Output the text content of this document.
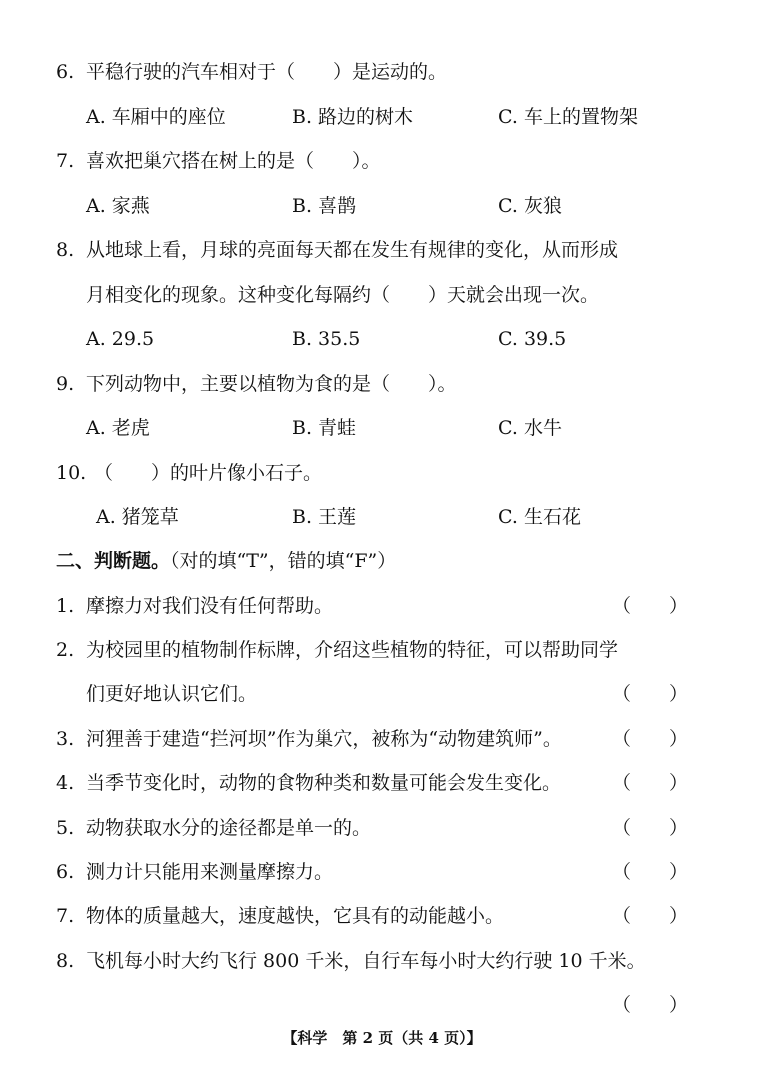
6. 平稳行驶的汽车相对于（　　）是运动的。
A. 车厢中的座位	B. 路边的树木	C. 车上的置物架
7. 喜欢把巢穴搭在树上的是（　　）。
A. 家燕	B. 喜鹊	C. 灰狼
8. 从地球上看，月球的亮面每天都在发生有规律的变化，从而形成
月相变化的现象。这种变化每隔约（　　）天就会出现一次。
A. 29.5	B. 35.5	C. 39.5
9. 下列动物中，主要以植物为食的是（　　）。
A. 老虎	B. 青蛙	C. 水牛
10. （　　）的叶片像小石子。
A. 猪笼草	B. 王莲	C. 生石花
二、判断题。（对的填“T”，错的填“F”）
1. 摩擦力对我们没有任何帮助。	（　　）
2. 为校园里的植物制作标牌，介绍这些植物的特征，可以帮助同学
们更好地认识它们。	（　　）
3. 河狸善于建造“拦河坝”作为巢穴，被称为“动物建筑师”。	（　　）
4. 当季节变化时，动物的食物种类和数量可能会发生变化。	（　　）
5. 动物获取水分的途径都是单一的。	（　　）
6. 测力计只能用来测量摩擦力。	（　　）
7. 物体的质量越大，速度越快，它具有的动能越小。	（　　）
8. 飞机每小时大约飞行 800 千米，自行车每小时大约行驶 10 千米。
（　　）
【科学　第 2 页（共 4 页）】
